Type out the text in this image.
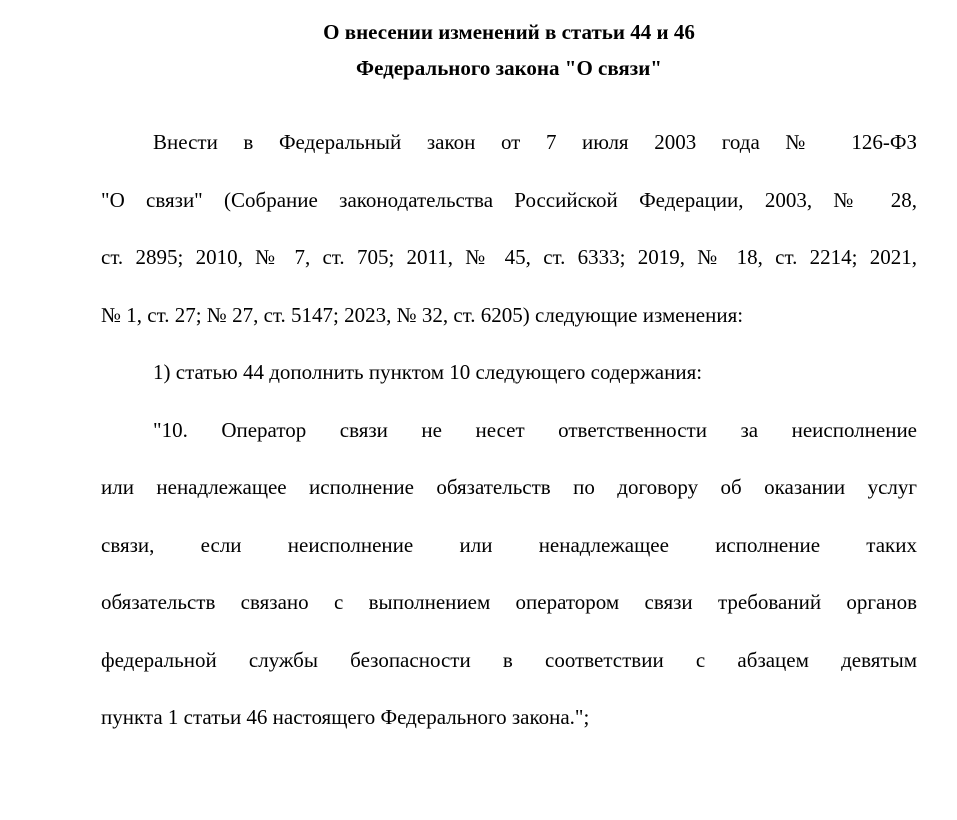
О внесении изменений в статьи 44 и 46
Федерального закона "О связи"
Внести в Федеральный закон от 7 июля 2003 года № 126-ФЗ
"О связи" (Собрание законодательства Российской Федерации, 2003, № 28,
ст. 2895; 2010, № 7, ст. 705; 2011, № 45, ст. 6333; 2019, № 18, ст. 2214; 2021,
№ 1, ст. 27; № 27, ст. 5147; 2023, № 32, ст. 6205) следующие изменения:
1) статью 44 дополнить пунктом 10 следующего содержания:
"10. Оператор связи не несет ответственности за неисполнение
или ненадлежащее исполнение обязательств по договору об оказании услуг
связи, если неисполнение или ненадлежащее исполнение таких
обязательств связано с выполнением оператором связи требований органов
федеральной службы безопасности в соответствии с абзацем девятым
пункта 1 статьи 46 настоящего Федерального закона.";
